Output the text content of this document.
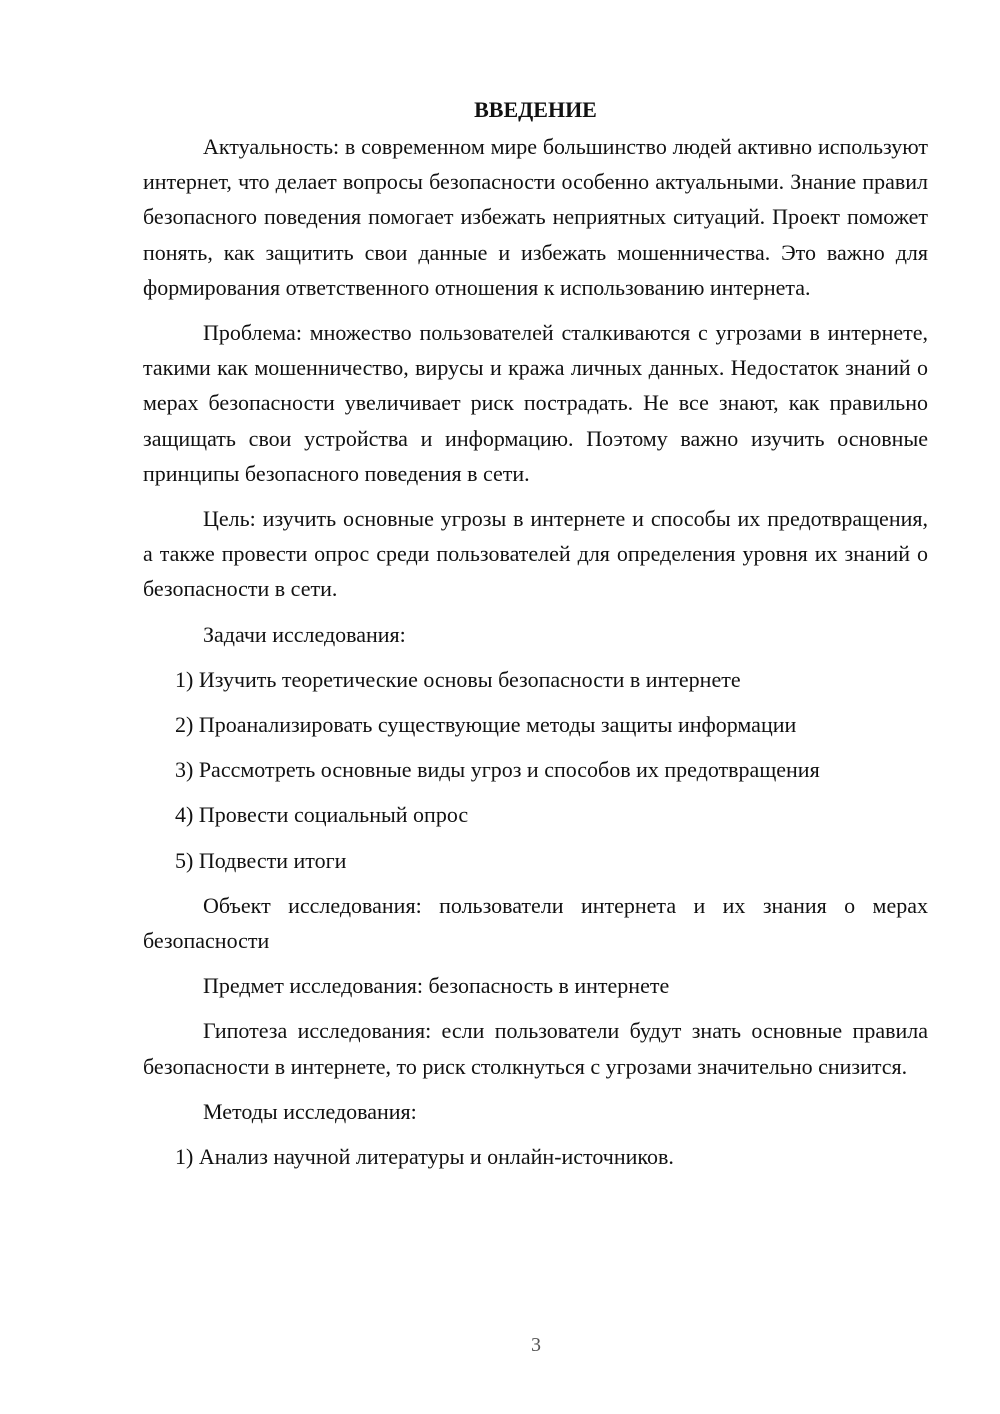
ВВЕДЕНИЕ

Актуальность: в современном мире большинство людей активно используют интернет, что делает вопросы безопасности особенно актуальными. Знание правил безопасного поведения помогает избежать неприятных ситуаций. Проект поможет понять, как защитить свои данные и избежать мошенничества. Это важно для формирования ответственного отношения к использованию интернета.

Проблема: множество пользователей сталкиваются с угрозами в интернете, такими как мошенничество, вирусы и кража личных данных. Недостаток знаний о мерах безопасности увеличивает риск пострадать. Не все знают, как правильно защищать свои устройства и информацию. Поэтому важно изучить основные принципы безопасного поведения в сети.

Цель: изучить основные угрозы в интернете и способы их предотвращения, а также провести опрос среди пользователей для определения уровня их знаний о безопасности в сети.

Задачи исследования:

1) Изучить теоретические основы безопасности в интернете
2) Проанализировать существующие методы защиты информации
3) Рассмотреть основные виды угроз и способов их предотвращения
4) Провести социальный опрос
5) Подвести итоги

Объект исследования: пользователи интернета и их знания о мерах безопасности

Предмет исследования: безопасность в интернете

Гипотеза исследования: если пользователи будут знать основные правила безопасности в интернете, то риск столкнуться с угрозами значительно снизится.

Методы исследования:

1) Анализ научной литературы и онлайн-источников.
3
